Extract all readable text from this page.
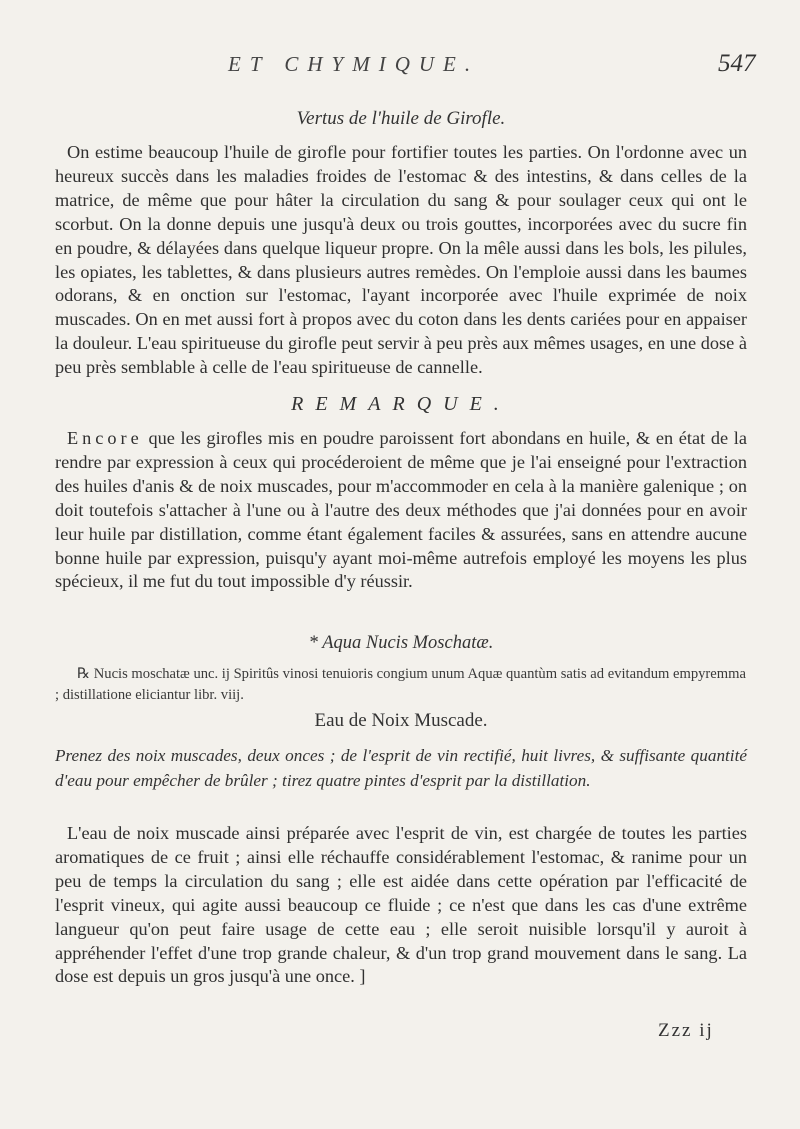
ET CHYMIQUE.	547
Vertus de l'huile de Girofle.
On estime beaucoup l'huile de girofle pour fortifier toutes les parties. On l'ordonne avec un heureux succès dans les maladies froides de l'estomac & des intestins, & dans celles de la matrice, de même que pour hâter la circulation du sang & pour soulager ceux qui ont le scorbut. On la donne depuis une jusqu'à deux ou trois gouttes, incorporées avec du sucre fin en poudre, & délayées dans quelque liqueur propre. On la mêle aussi dans les bols, les pilules, les opiates, les tablettes, & dans plusieurs autres remèdes. On l'emploie aussi dans les baumes odorans, & en onction sur l'estomac, l'ayant incorporée avec l'huile exprimée de noix muscades. On en met aussi fort à propos avec du coton dans les dents cariées pour en appaiser la douleur. L'eau spiritueuse du girofle peut servir à peu près aux mêmes usages, en une dose à peu près semblable à celle de l'eau spiritueuse de cannelle.
REMARQUE.
Encore que les girofles mis en poudre paroissent fort abondans en huile, & en état de la rendre par expression à ceux qui procéderoient de même que je l'ai enseigné pour l'extraction des huiles d'anis & de noix muscades, pour m'accommoder en cela à la manière galenique ; on doit toutefois s'attacher à l'une ou à l'autre des deux méthodes que j'ai données pour en avoir leur huile par distillation, comme étant également faciles & assurées, sans en attendre aucune bonne huile par expression, puisqu'y ayant moi-même autrefois employé les moyens les plus spécieux, il me fut du tout impossible d'y réussir.
* Aqua Nucis Moschatæ.
℞ Nucis moschatæ unc. ij Spiritûs vinosi tenuioris congium unum Aquæ quantùm satis ad evitandum empyremma ; distillatione eliciantur libr. viij.
Eau de Noix Muscade.
Prenez des noix muscades, deux onces ; de l'esprit de vin rectifié, huit livres, & suffisante quantité d'eau pour empêcher de brûler ; tirez quatre pintes d'esprit par la distillation.
L'eau de noix muscade ainsi préparée avec l'esprit de vin, est chargée de toutes les parties aromatiques de ce fruit ; ainsi elle réchauffe considérablement l'estomac, & ranime pour un peu de temps la circulation du sang ; elle est aidée dans cette opération par l'efficacité de l'esprit vineux, qui agite aussi beaucoup ce fluide ; ce n'est que dans les cas d'une extrême langueur qu'on peut faire usage de cette eau ; elle seroit nuisible lorsqu'il y auroit à appréhender l'effet d'une trop grande chaleur, & d'un trop grand mouvement dans le sang. La dose est depuis un gros jusqu'à une once. ]
Zzz ij
